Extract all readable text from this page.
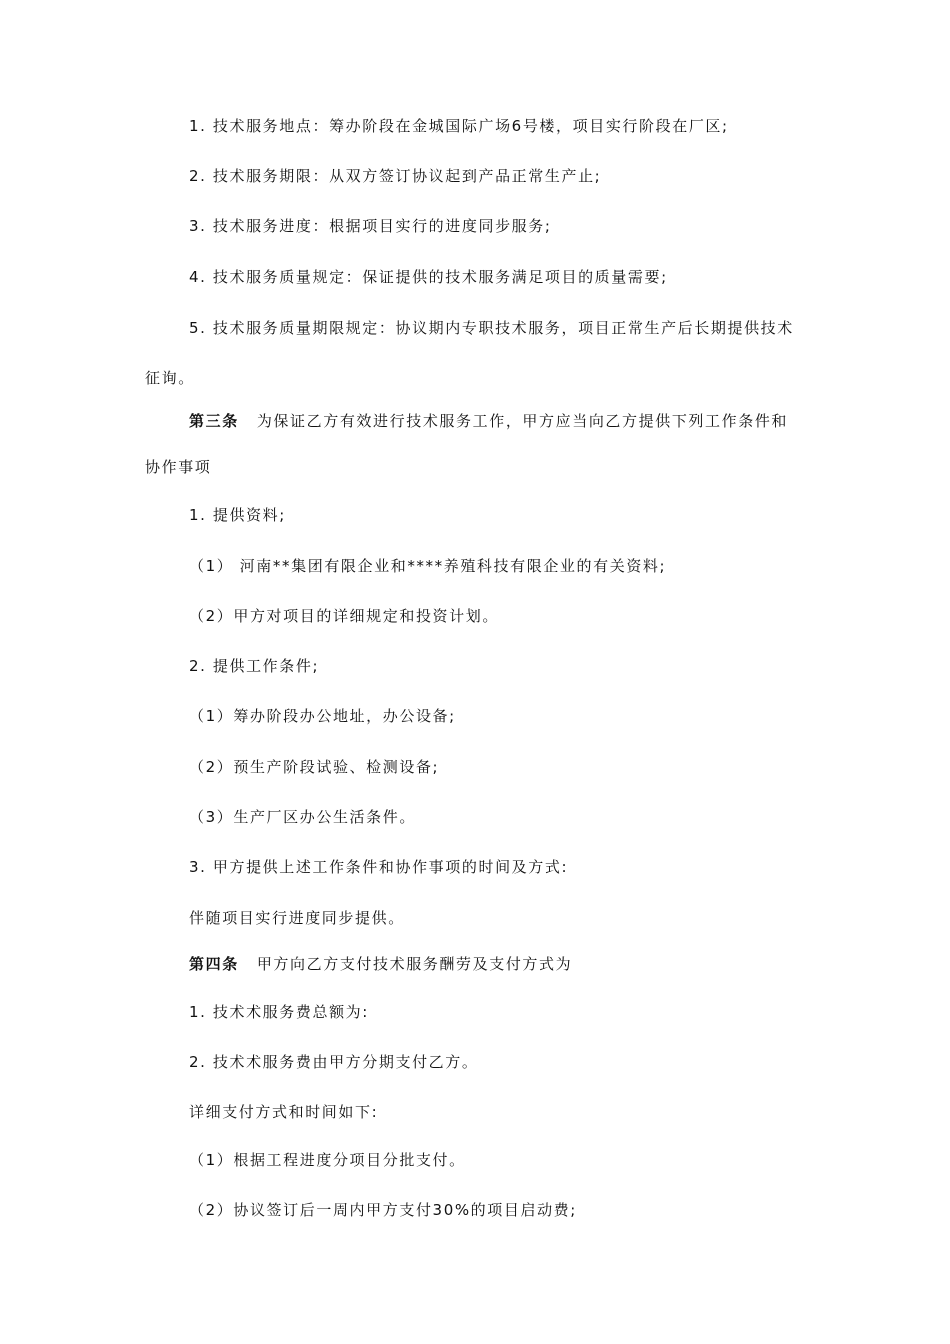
1. 技术服务地点：筹办阶段在金城国际广场6号楼，项目实行阶段在厂区;
2. 技术服务期限：从双方签订协议起到产品正常生产止;
3. 技术服务进度：根据项目实行的进度同步服务;
4. 技术服务质量规定：保证提供的技术服务满足项目的质量需要;
5. 技术服务质量期限规定：协议期内专职技术服务，项目正常生产后长期提供技术
征询。
第三条 为保证乙方有效进行技术服务工作，甲方应当向乙方提供下列工作条件和
协作事项
1. 提供资料;
（1） 河南**集团有限企业和****养殖科技有限企业的有关资料;
（2）甲方对项目的详细规定和投资计划。
2. 提供工作条件;
（1）筹办阶段办公地址，办公设备;
（2）预生产阶段试验、检测设备;
（3）生产厂区办公生活条件。
3. 甲方提供上述工作条件和协作事项的时间及方式:
伴随项目实行进度同步提供。
第四条 甲方向乙方支付技术服务酬劳及支付方式为
1. 技术术服务费总额为:
2. 技术术服务费由甲方分期支付乙方。
详细支付方式和时间如下:
（1）根据工程进度分项目分批支付。
（2）协议签订后一周内甲方支付30%的项目启动费;
